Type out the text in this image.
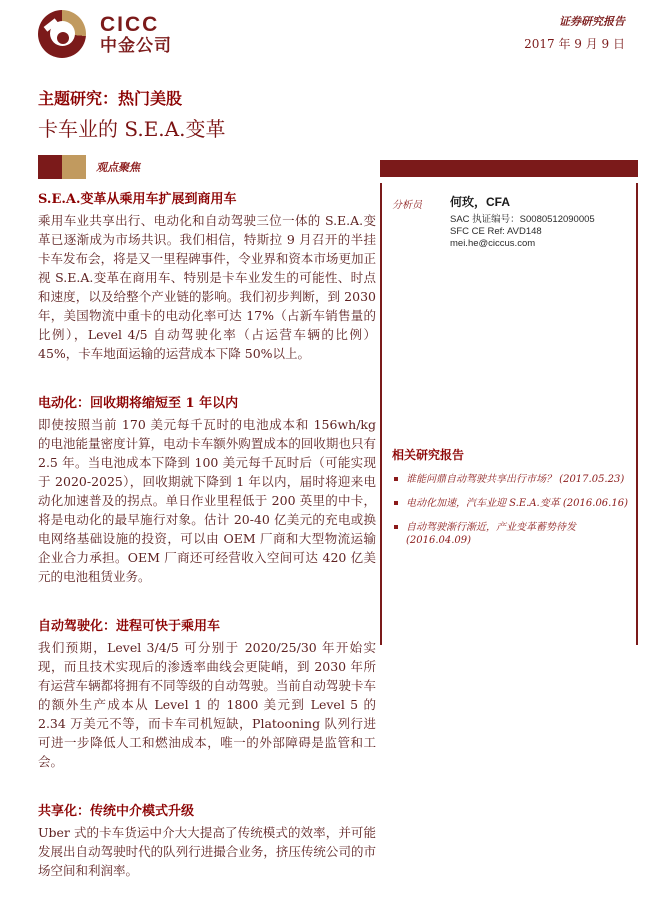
CICC
中金公司
证券研究报告
2017 年 9 月 9 日
主题研究：热门美股
卡车业的 S.E.A.变革
观点聚焦
S.E.A.变革从乘用车扩展到商用车
乘用车业共享出行、电动化和自动驾驶三位一体的 S.E.A.变革已逐渐成为市场共识。我们相信，特斯拉 9 月召开的半挂卡车发布会，将是又一里程碑事件，令业界和资本市场更加正视 S.E.A.变革在商用车、特别是卡车业发生的可能性、时点和速度，以及给整个产业链的影响。我们初步判断，到 2030 年，美国物流中重卡的电动化率可达 17%（占新车销售量的比例），Level 4/5 自动驾驶化率（占运营车辆的比例）45%，卡车地面运输的运营成本下降 50%以上。
电动化：回收期将缩短至 1 年以内
即使按照当前 170 美元每千瓦时的电池成本和 156wh/kg 的电池能量密度计算，电动卡车额外购置成本的回收期也只有 2.5 年。当电池成本下降到 100 美元每千瓦时后（可能实现于 2020-2025），回收期就下降到 1 年以内，届时将迎来电动化加速普及的拐点。单日作业里程低于 200 英里的中卡，将是电动化的最早施行对象。估计 20-40 亿美元的充电或换电网络基础设施的投资，可以由 OEM 厂商和大型物流运输企业合力承担。OEM 厂商还可经营收入空间可达 420 亿美元的电池租赁业务。
自动驾驶化：进程可快于乘用车
我们预期，Level 3/4/5 可分别于 2020/25/30 年开始实现，而且技术实现后的渗透率曲线会更陡峭，到 2030 年所有运营车辆都将拥有不同等级的自动驾驶。当前自动驾驶卡车的额外生产成本从 Level 1 的 1800 美元到 Level 5 的 2.34 万美元不等，而卡车司机短缺，Platooning 队列行进可进一步降低人工和燃油成本，唯一的外部障碍是监管和工会。
共享化：传统中介模式升级
Uber 式的卡车货运中介大大提高了传统模式的效率，并可能发展出自动驾驶时代的队列行进撮合业务，挤压传统公司的市场空间和利润率。
分析员	何玫，CFA
SAC 执证编号：S0080512090005
SFC CE Ref: AVD148
mei.he@ciccus.com
相关研究报告
谁能问鼎自动驾驶共享出行市场？ (2017.05.23)
电动化加速，汽车业迎 S.E.A.变革 (2016.06.16)
自动驾驶渐行渐近，产业变革蓄势待发 (2016.04.09)
